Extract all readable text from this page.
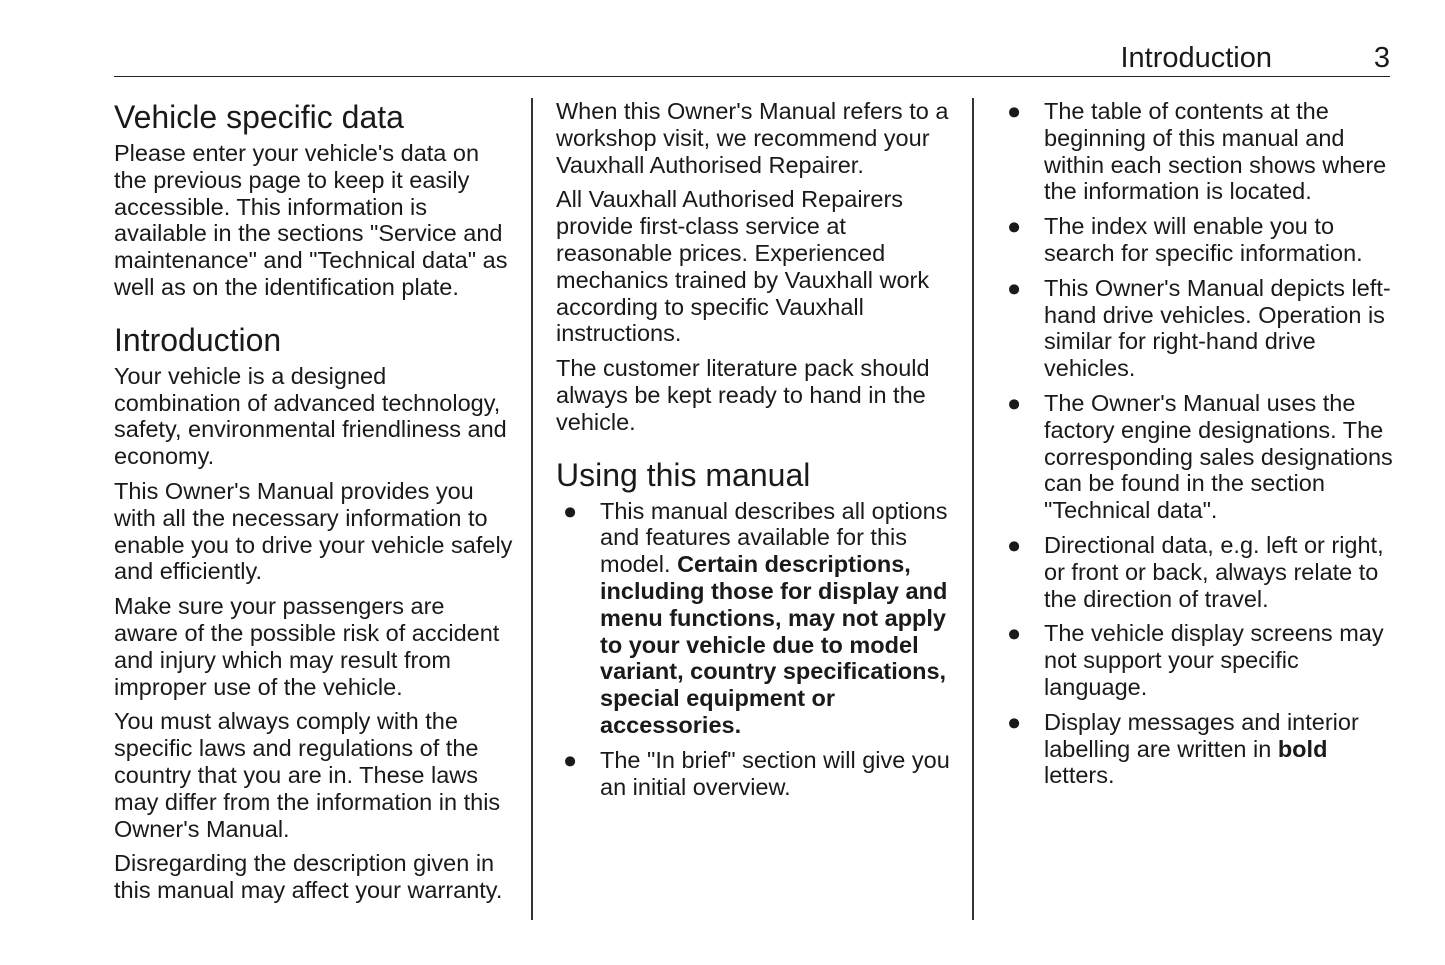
Introduction	3
Vehicle specific data

Please enter your vehicle's data on the previous page to keep it easily accessible. This information is available in the sections "Service and maintenance" and "Technical data" as well as on the identification plate.

Introduction

Your vehicle is a designed combination of advanced technology, safety, environmental friendliness and economy.

This Owner's Manual provides you with all the necessary information to enable you to drive your vehicle safely and efficiently.

Make sure your passengers are aware of the possible risk of accident and injury which may result from improper use of the vehicle.

You must always comply with the specific laws and regulations of the country that you are in. These laws may differ from the information in this Owner's Manual.

Disregarding the description given in this manual may affect your warranty.

When this Owner's Manual refers to a workshop visit, we recommend your Vauxhall Authorised Repairer.

All Vauxhall Authorised Repairers provide first-class service at reasonable prices. Experienced mechanics trained by Vauxhall work according to specific Vauxhall instructions.

The customer literature pack should always be kept ready to hand in the vehicle.

Using this manual
● This manual describes all options and features available for this model. Certain descriptions, including those for display and menu functions, may not apply to your vehicle due to model variant, country specifications, special equipment or accessories.
● The "In brief" section will give you an initial overview.
● The table of contents at the beginning of this manual and within each section shows where the information is located.
● The index will enable you to search for specific information.
● This Owner's Manual depicts left-hand drive vehicles. Operation is similar for right-hand drive vehicles.
● The Owner's Manual uses the factory engine designations. The corresponding sales designations can be found in the section "Technical data".
● Directional data, e.g. left or right, or front or back, always relate to the direction of travel.
● The vehicle display screens may not support your specific language.
● Display messages and interior labelling are written in bold letters.
